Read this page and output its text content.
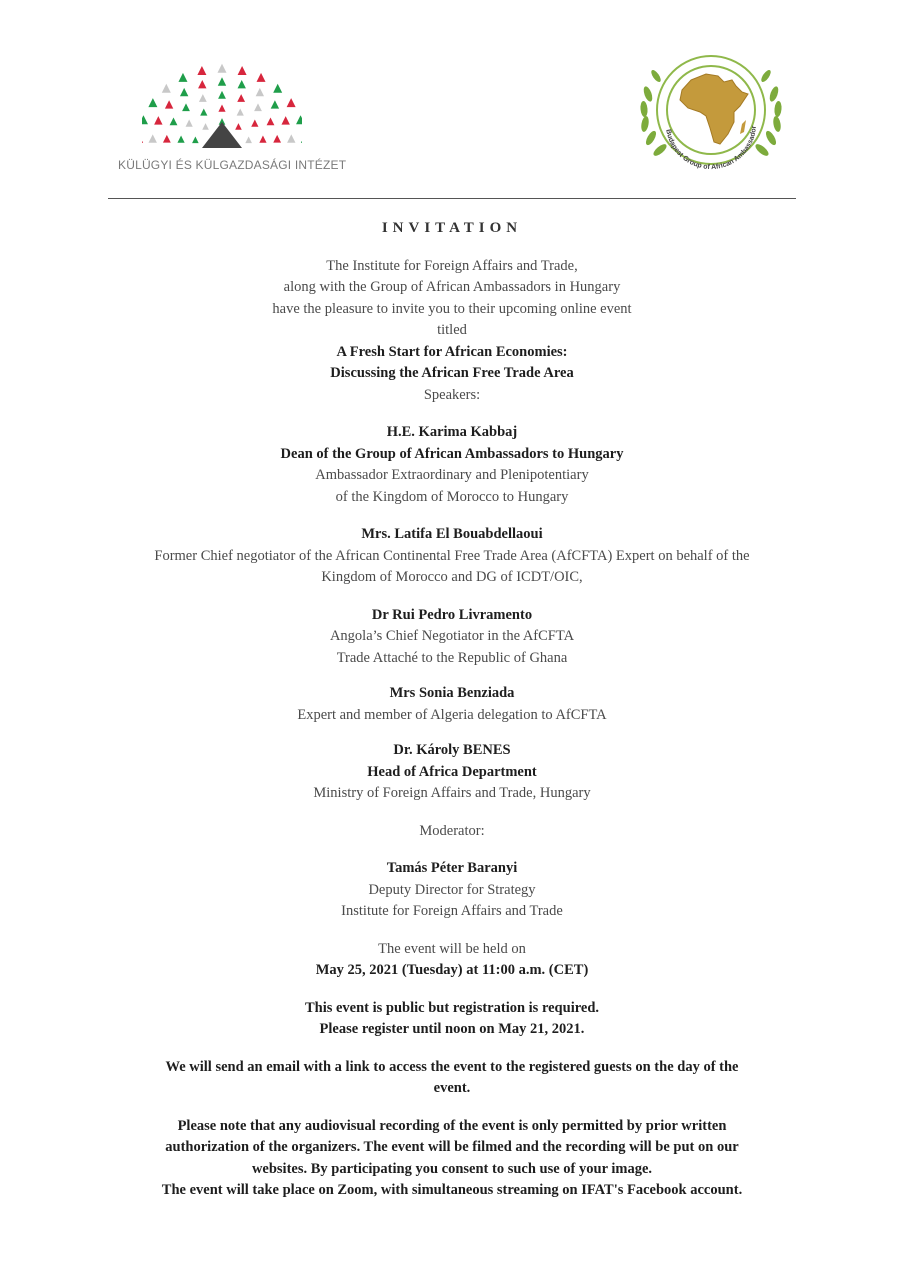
KÜLÜGYI ÉS KÜLGAZDASÁGI INTÉZET
Budapest Group of African Ambassador

INVITATION

The Institute for Foreign Affairs and Trade,

along with the Group of African Ambassadors in Hungary

have the pleasure to invite you to their upcoming online event

titled

A Fresh Start for African Economies:

Discussing the African Free Trade Area

Speakers:

H.E. Karima Kabbaj

Dean of the Group of African Ambassadors to Hungary

Ambassador Extraordinary and Plenipotentiary

of the Kingdom of Morocco to Hungary

Mrs. Latifa El Bouabdellaoui

Former Chief negotiator of the African Continental Free Trade Area (AfCFTA) Expert on behalf of the

Kingdom of Morocco and DG of ICDT/OIC,

Dr Rui Pedro Livramento

Angola’s Chief Negotiator in the AfCFTA

Trade Attaché to the Republic of Ghana

Mrs Sonia Benziada

Expert and member of Algeria delegation to AfCFTA

Dr. Károly BENES

Head of Africa Department

Ministry of Foreign Affairs and Trade, Hungary

Moderator:

Tamás Péter Baranyi

Deputy Director for Strategy

Institute for Foreign Affairs and Trade

The event will be held on

May 25, 2021 (Tuesday) at 11:00 a.m. (CET)

This event is public but registration is required.

Please register until noon on May 21, 2021.

We will send an email with a link to access the event to the registered guests on the day of the

event.

Please note that any audiovisual recording of the event is only permitted by prior written

authorization of the organizers. The event will be filmed and the recording will be put on our

websites. By participating you consent to such use of your image.

The event will take place on Zoom, with simultaneous streaming on IFAT's Facebook account.
